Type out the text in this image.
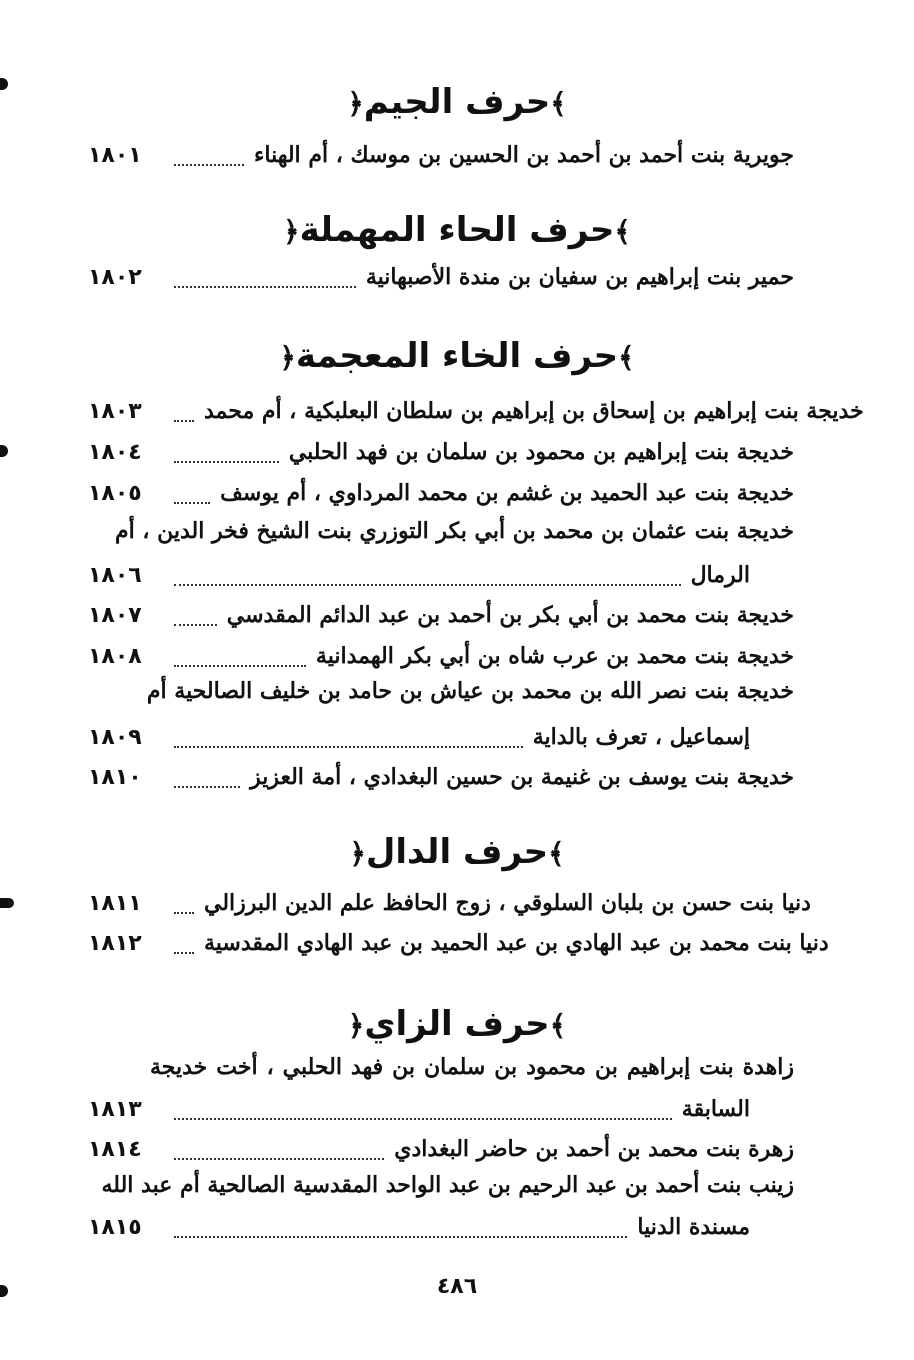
﴾حرف الجيم﴿
١٨٠١	جويرية بنت أحمد بن أحمد بن الحسين بن موسك ، أم الهناء
﴾حرف الحاء المهملة﴿
١٨٠٢	حمير بنت إبراهيم بن سفيان بن مندة الأصبهانية
﴾حرف الخاء المعجمة﴿
١٨٠٣	خديجة بنت إبراهيم بن إسحاق بن إبراهيم بن سلطان البعلبكية ، أم محمد
١٨٠٤	خديجة بنت إبراهيم بن محمود بن سلمان بن فهد الحلبي
١٨٠٥	خديجة بنت عبد الحميد بن غشم بن محمد المرداوي ، أم يوسف
خديجة بنت عثمان بن محمد بن أبي بكر التوزري بنت الشيخ فخر الدين ، أم
١٨٠٦	الرمال
١٨٠٧	خديجة بنت محمد بن أبي بكر بن أحمد بن عبد الدائم المقدسي
١٨٠٨	خديجة بنت محمد بن عرب شاه بن أبي بكر الهمدانية
خديجة بنت نصر الله بن محمد بن عياش بن حامد بن خليف الصالحية أم
١٨٠٩	إسماعيل ، تعرف بالداية
١٨١٠	خديجة بنت يوسف بن غنيمة بن حسين البغدادي ، أمة العزيز
﴾حرف الدال﴿
١٨١١	دنيا بنت حسن بن بلبان السلوقي ، زوج الحافظ علم الدين البرزالي
١٨١٢	دنيا بنت محمد بن عبد الهادي بن عبد الحميد بن عبد الهادي المقدسية
﴾حرف الزاي﴿
زاهدة بنت إبراهيم بن محمود بن سلمان بن فهد الحلبي ، أخت خديجة
١٨١٣	السابقة
١٨١٤	زهرة بنت محمد بن أحمد بن حاضر البغدادي
زينب بنت أحمد بن عبد الرحيم بن عبد الواحد المقدسية الصالحية أم عبد الله
١٨١٥	مسندة الدنيا
٤٨٦
